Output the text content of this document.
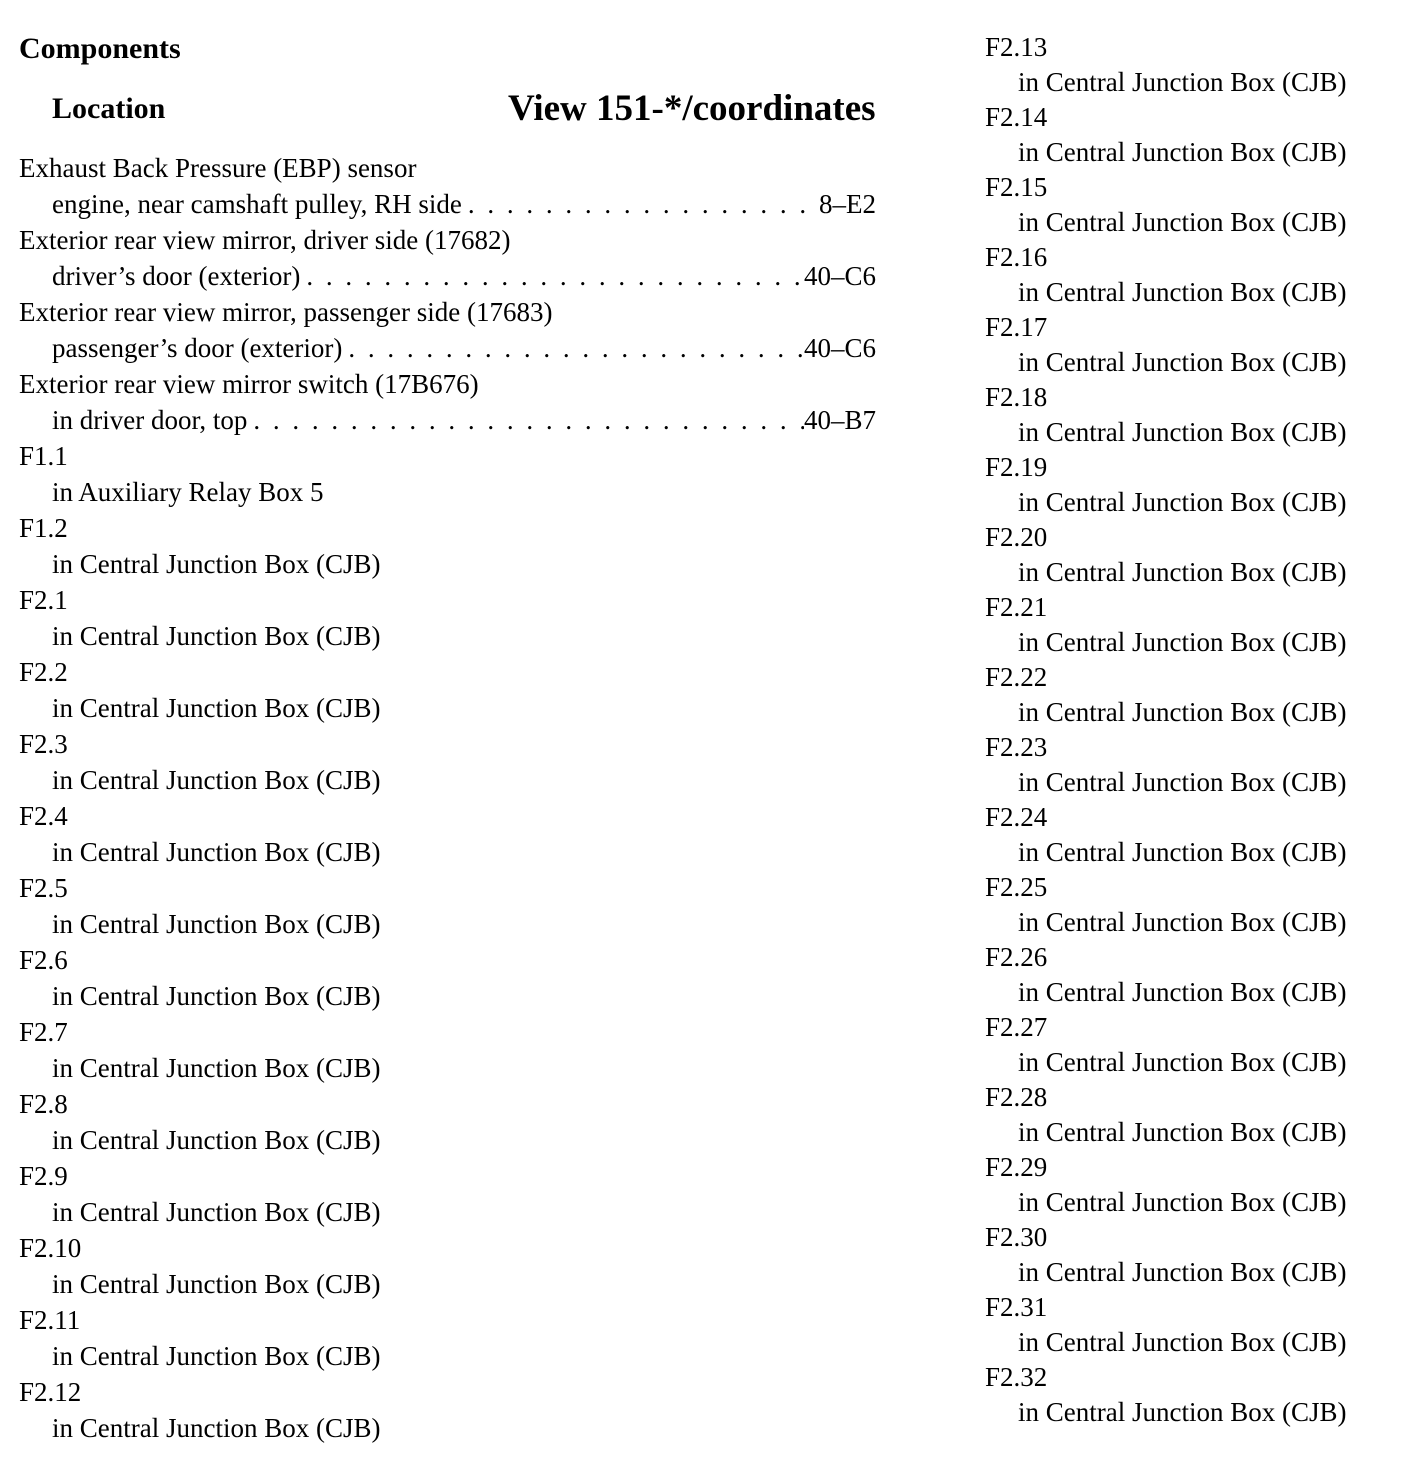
Components
Location	View 151-*/coordinates
Exhaust Back Pressure (EBP) sensor
engine, near camshaft pulley, RH side . . .	8–E2
Exterior rear view mirror, driver side (17682)
driver’s door (exterior) . . .	40–C6
Exterior rear view mirror, passenger side (17683)
passenger’s door (exterior) . . .	40–C6
Exterior rear view mirror switch (17B676)
in driver door, top . . .	40–B7
F1.1
in Auxiliary Relay Box 5
F1.2
in Central Junction Box (CJB)
F2.1
in Central Junction Box (CJB)
F2.2
in Central Junction Box (CJB)
F2.3
in Central Junction Box (CJB)
F2.4
in Central Junction Box (CJB)
F2.5
in Central Junction Box (CJB)
F2.6
in Central Junction Box (CJB)
F2.7
in Central Junction Box (CJB)
F2.8
in Central Junction Box (CJB)
F2.9
in Central Junction Box (CJB)
F2.10
in Central Junction Box (CJB)
F2.11
in Central Junction Box (CJB)
F2.12
in Central Junction Box (CJB)
F2.13
in Central Junction Box (CJB)
F2.14
in Central Junction Box (CJB)
F2.15
in Central Junction Box (CJB)
F2.16
in Central Junction Box (CJB)
F2.17
in Central Junction Box (CJB)
F2.18
in Central Junction Box (CJB)
F2.19
in Central Junction Box (CJB)
F2.20
in Central Junction Box (CJB)
F2.21
in Central Junction Box (CJB)
F2.22
in Central Junction Box (CJB)
F2.23
in Central Junction Box (CJB)
F2.24
in Central Junction Box (CJB)
F2.25
in Central Junction Box (CJB)
F2.26
in Central Junction Box (CJB)
F2.27
in Central Junction Box (CJB)
F2.28
in Central Junction Box (CJB)
F2.29
in Central Junction Box (CJB)
F2.30
in Central Junction Box (CJB)
F2.31
in Central Junction Box (CJB)
F2.32
in Central Junction Box (CJB)
